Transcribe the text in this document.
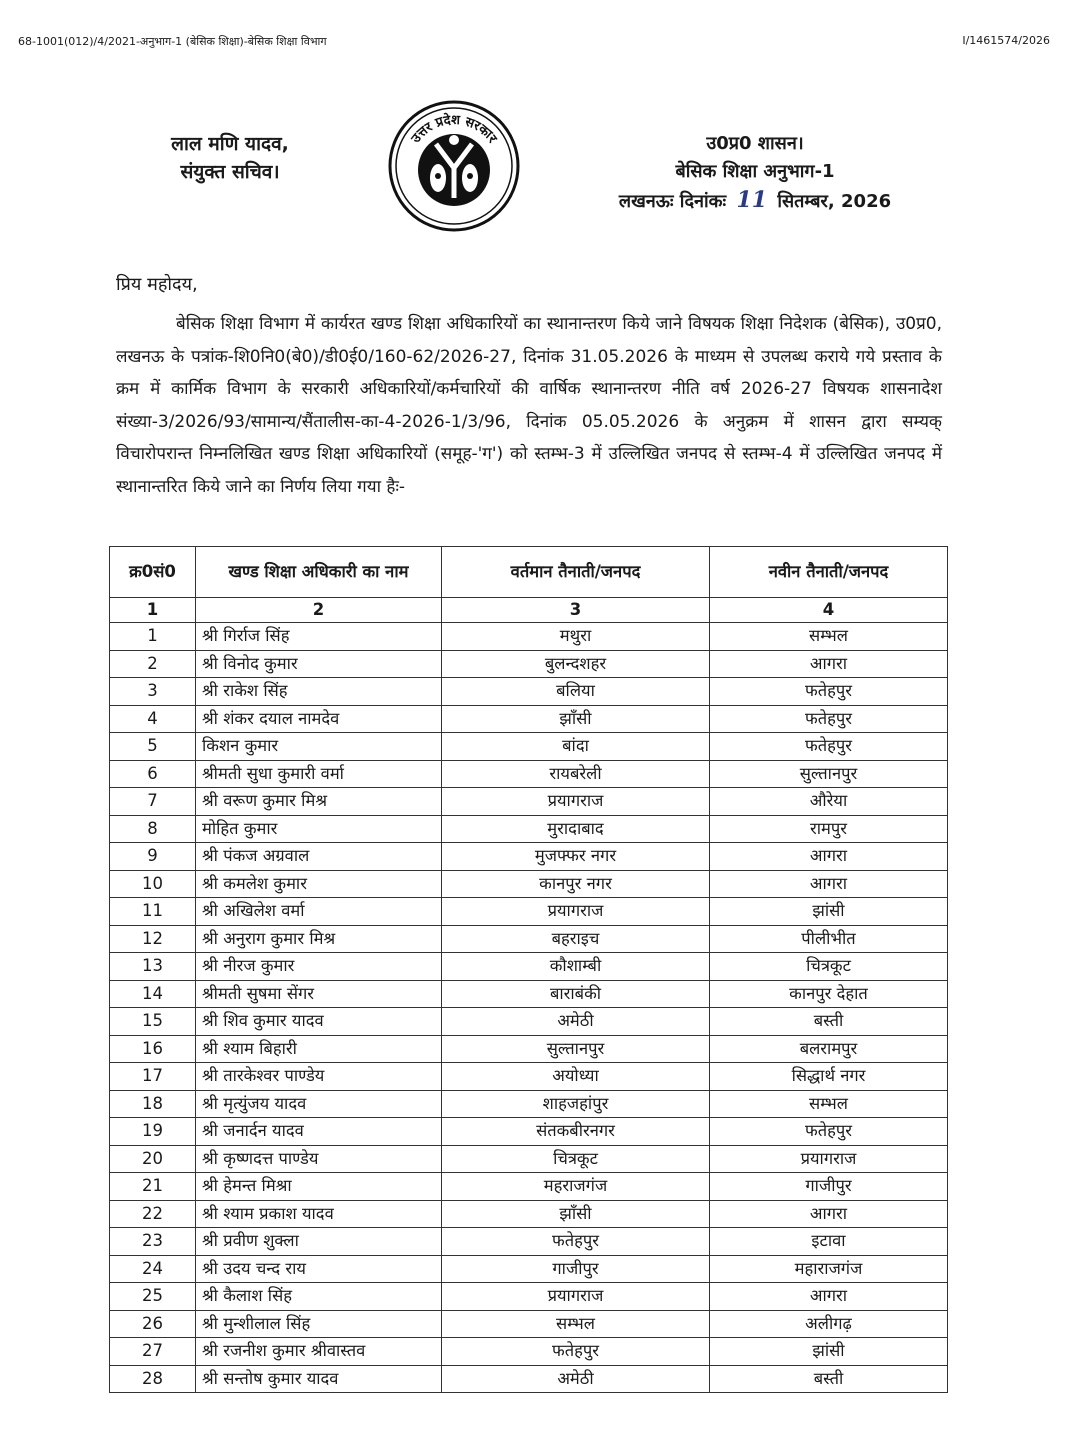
68-1001(012)/4/2021-अनुभाग-1 (बेसिक शिक्षा)-बेसिक शिक्षा विभाग	I/1461574/2026
लाल मणि यादव,
संयुक्त सचिव।
उत्तर प्रदेश सरकार	उ0प्र0 शासन।
बेसिक शिक्षा अनुभाग-1
लखनऊः दिनांकः 11 सितम्बर, 2026
प्रिय महोदय,
बेसिक शिक्षा विभाग में कार्यरत खण्ड शिक्षा अधिकारियों का स्थानान्तरण किये जाने विषयक शिक्षा निदेशक (बेसिक), उ0प्र0, लखनऊ के पत्रांक-शि0नि0(बे0)/डी0ई0/160-62/2026-27, दिनांक 31.05.2026 के माध्यम से उपलब्ध कराये गये प्रस्ताव के क्रम में कार्मिक विभाग के सरकारी अधिकारियों/कर्मचारियों की वार्षिक स्थानान्तरण नीति वर्ष 2026-27 विषयक शासनादेश संख्या-3/2026/93/सामान्य/सैंतालीस-का-4-2026-1/3/96, दिनांक 05.05.2026 के अनुक्रम में शासन द्वारा सम्यक् विचारोपरान्त निम्नलिखित खण्ड शिक्षा अधिकारियों (समूह-'ग') को स्तम्भ-3 में उल्लिखित जनपद से स्तम्भ-4 में उल्लिखित जनपद में स्थानान्तरित किये जाने का निर्णय लिया गया हैः-
क्र0सं0	खण्ड शिक्षा अधिकारी का नाम	वर्तमान तैनाती/जनपद	नवीन तैनाती/जनपद
1	2	3	4
1	श्री गिर्राज सिंह	मथुरा	सम्भल
2	श्री विनोद कुमार	बुलन्दशहर	आगरा
3	श्री राकेश सिंह	बलिया	फतेहपुर
4	श्री शंकर दयाल नामदेव	झाँसी	फतेहपुर
5	किशन कुमार	बांदा	फतेहपुर
6	श्रीमती सुधा कुमारी वर्मा	रायबरेली	सुल्तानपुर
7	श्री वरूण कुमार मिश्र	प्रयागराज	औरेया
8	मोहित कुमार	मुरादाबाद	रामपुर
9	श्री पंकज अग्रवाल	मुजफ्फर नगर	आगरा
10	श्री कमलेश कुमार	कानपुर नगर	आगरा
11	श्री अखिलेश वर्मा	प्रयागराज	झांसी
12	श्री अनुराग कुमार मिश्र	बहराइच	पीलीभीत
13	श्री नीरज कुमार	कौशाम्बी	चित्रकूट
14	श्रीमती सुषमा सेंगर	बाराबंकी	कानपुर देहात
15	श्री शिव कुमार यादव	अमेठी	बस्ती
16	श्री श्याम बिहारी	सुल्तानपुर	बलरामपुर
17	श्री तारकेश्वर पाण्डेय	अयोध्या	सिद्धार्थ नगर
18	श्री मृत्युंजय यादव	शाहजहांपुर	सम्भल
19	श्री जनार्दन यादव	संतकबीरनगर	फतेहपुर
20	श्री कृष्णदत्त पाण्डेय	चित्रकूट	प्रयागराज
21	श्री हेमन्त मिश्रा	महराजगंज	गाजीपुर
22	श्री श्याम प्रकाश यादव	झाँसी	आगरा
23	श्री प्रवीण शुक्ला	फतेहपुर	इटावा
24	श्री उदय चन्द राय	गाजीपुर	महाराजगंज
25	श्री कैलाश सिंह	प्रयागराज	आगरा
26	श्री मुन्शीलाल सिंह	सम्भल	अलीगढ़
27	श्री रजनीश कुमार श्रीवास्तव	फतेहपुर	झांसी
28	श्री सन्तोष कुमार यादव	अमेठी	बस्ती
